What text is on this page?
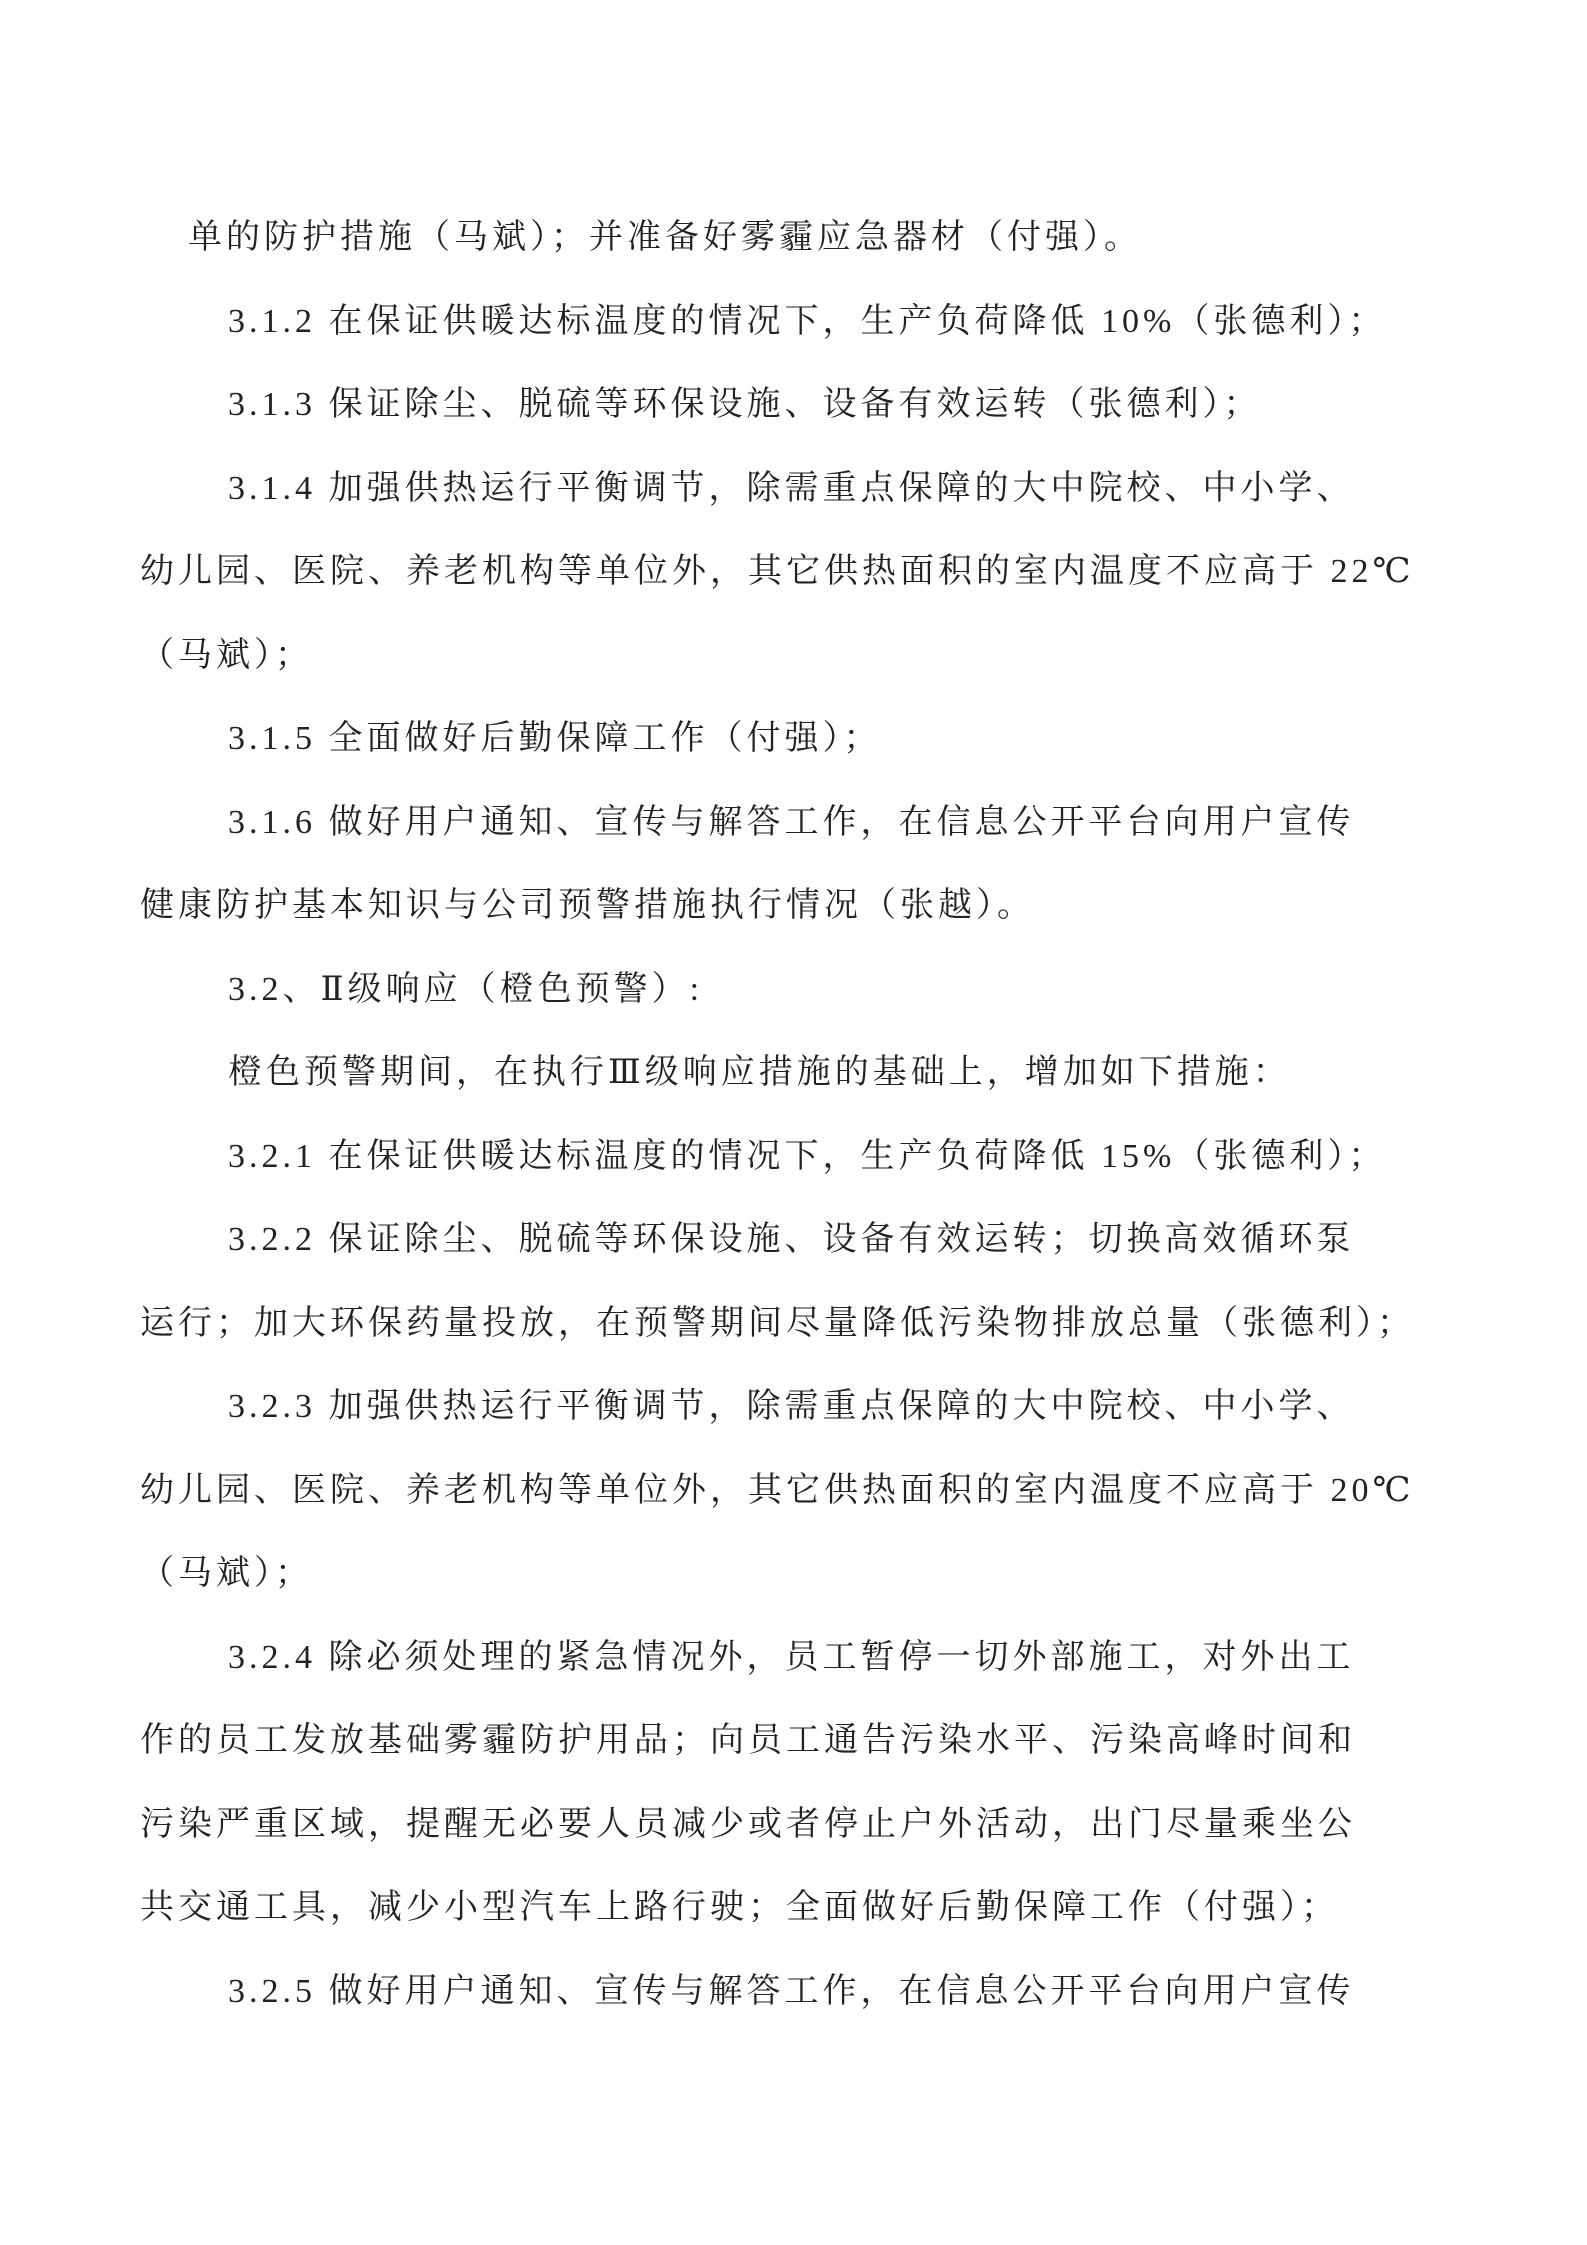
单的防护措施（马斌）；并准备好雾霾应急器材（付强）。
3.1.2 在保证供暖达标温度的情况下，生产负荷降低 10%（张德利）；
3.1.3 保证除尘、脱硫等环保设施、设备有效运转（张德利）；
3.1.4 加强供热运行平衡调节，除需重点保障的大中院校、中小学、
幼儿园、医院、养老机构等单位外，其它供热面积的室内温度不应高于 22℃
（马斌）；
3.1.5 全面做好后勤保障工作（付强）；
3.1.6 做好用户通知、宣传与解答工作，在信息公开平台向用户宣传
健康防护基本知识与公司预警措施执行情况（张越）。
3.2、Ⅱ级响应（橙色预警）:
橙色预警期间，在执行Ⅲ级响应措施的基础上，增加如下措施：
3.2.1 在保证供暖达标温度的情况下，生产负荷降低 15%（张德利）；
3.2.2 保证除尘、脱硫等环保设施、设备有效运转；切换高效循环泵
运行；加大环保药量投放，在预警期间尽量降低污染物排放总量（张德利）；
3.2.3 加强供热运行平衡调节，除需重点保障的大中院校、中小学、
幼儿园、医院、养老机构等单位外，其它供热面积的室内温度不应高于 20℃
（马斌）；
3.2.4 除必须处理的紧急情况外，员工暂停一切外部施工，对外出工
作的员工发放基础雾霾防护用品；向员工通告污染水平、污染高峰时间和
污染严重区域，提醒无必要人员减少或者停止户外活动，出门尽量乘坐公
共交通工具，减少小型汽车上路行驶；全面做好后勤保障工作（付强）；
3.2.5 做好用户通知、宣传与解答工作，在信息公开平台向用户宣传
